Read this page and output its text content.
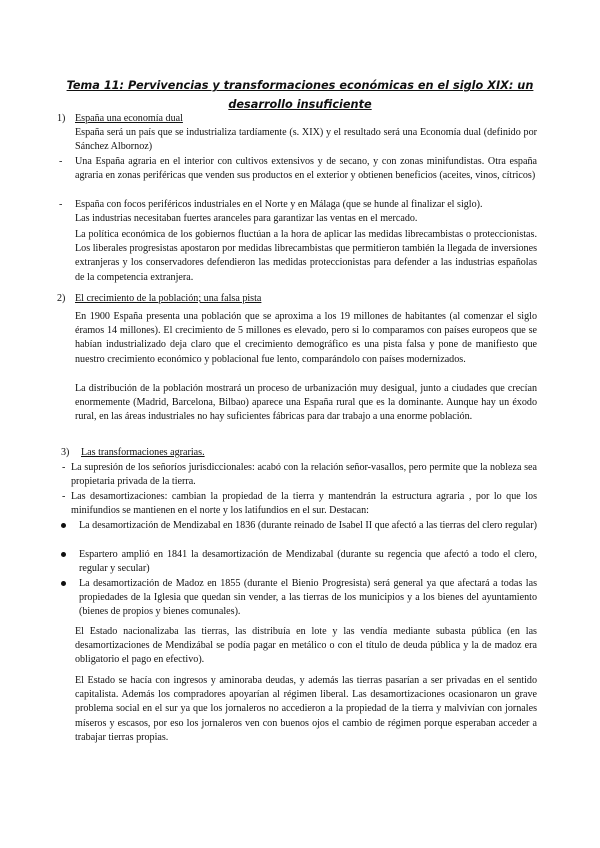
Tema 11: Pervivencias y transformaciones económicas en el siglo XIX: un
desarrollo insuficiente
1) España una economía dual

España será un país que se industrializa tardíamente (s. XIX) y el resultado será una Economía dual (definido por Sánchez Albornoz)

- Una España agraria en el interior con cultivos extensivos y de secano, y con zonas minifundistas. Otra españa agraria en zonas periféricas que venden sus productos en el exterior y obtienen beneficios (aceites, vinos, cítricos)
- España con focos periféricos industriales en el Norte y en Málaga (que se hunde al finalizar el siglo).

Las industrias necesitaban fuertes aranceles para garantizar las ventas en el mercado.

La política económica de los gobiernos fluctúan a la hora de aplicar las medidas librecambistas o proteccionistas. Los liberales progresistas apostaron por medidas librecambistas que permitieron también la llegada de inversiones extranjeras y los conservadores defendieron las medidas proteccionistas para defender a las industrias españolas de la competencia extranjera.

2) El crecimiento de la población; una falsa pista

En 1900 España presenta una población que se aproxima a los 19 millones de habitantes (al comenzar el siglo éramos 14 millones). El crecimiento de 5 millones es elevado, pero si lo comparamos con países europeos que se habían industrializado deja claro que el crecimiento demográfico es una pista falsa y pone de manifiesto que nuestro crecimiento económico y poblacional fue lento, comparándolo con países modernizados.

La distribución de la población mostrará un proceso de urbanización muy desigual, junto a ciudades que crecían enormemente (Madrid, Barcelona, Bilbao) aparece una España rural que es la dominante. Aunque hay un éxodo rural, en las áreas industriales no hay suficientes fábricas para dar trabajo a una enorme población.

3) Las transformaciones agrarias.
- La supresión de los señoríos jurisdiccionales: acabó con la relación señor-vasallos, pero permite que la nobleza sea propietaria privada de la tierra.
- Las desamortizaciones: cambian la propiedad de la tierra y mantendrán la estructura agraria , por lo que los minifundios se mantienen en el norte y los latifundios en el sur. Destacan:
La desamortización de Mendizabal en 1836 (durante reinado de Isabel II que afectó a las tierras del clero regular)
Espartero amplió en 1841 la desamortización de Mendizabal (durante su regencia que afectó a todo el clero, regular y secular)
La desamortización de Madoz en 1855 (durante el Bienio Progresista) será general ya que afectará a todas las propiedades de la Iglesia que quedan sin vender, a las tierras de los municipios y a los bienes del ayuntamiento (bienes de propios y bienes comunales).

El Estado nacionalizaba las tierras, las distribuía en lote y las vendía mediante subasta pública (en las desamortizaciones de Mendizábal se podía pagar en metálico o con el título de deuda pública y la de madoz era obligatorio el pago en efectivo).

El Estado se hacía con ingresos y aminoraba deudas, y además las tierras pasarían a ser privadas en el sentido capitalista. Además los compradores apoyarían al régimen liberal. Las desamortizaciones ocasionaron un grave problema social en el sur ya que los jornaleros no accedieron a la propiedad de la tierra y malvivían con jornales míseros y escasos, por eso los jornaleros ven con buenos ojos el cambio de régimen porque esperaban acceder a trabajar tierras propias.
